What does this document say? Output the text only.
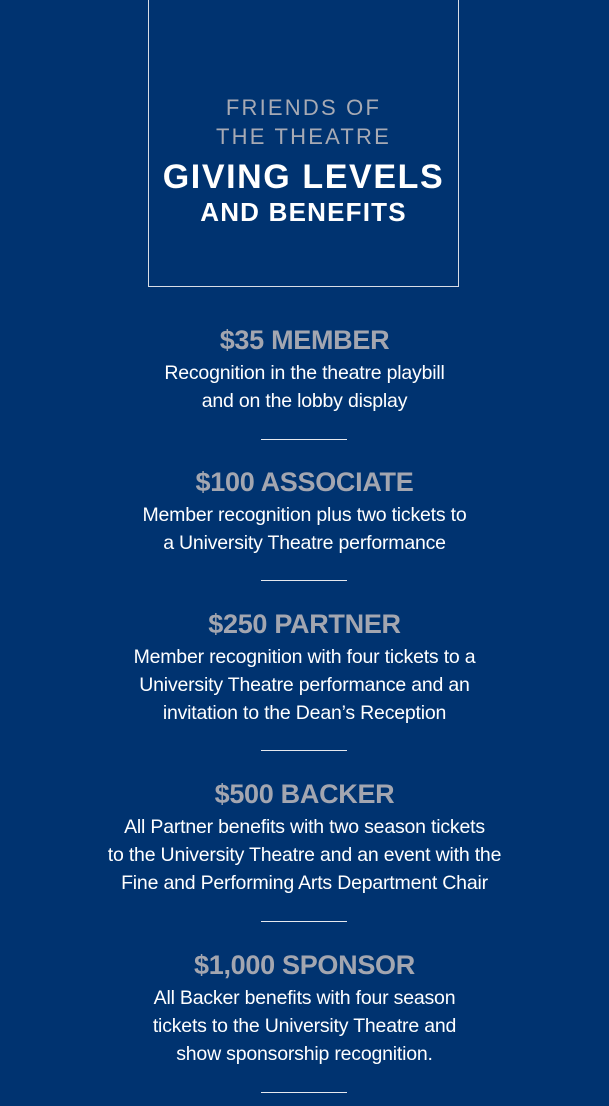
FRIENDS OF
THE THEATRE
GIVING LEVELS
AND BENEFITS
$35 MEMBER
Recognition in the theatre playbill
and on the lobby display
$100 ASSOCIATE
Member recognition plus two tickets to
a University Theatre performance
$250 PARTNER
Member recognition with four tickets to a
University Theatre performance and an
invitation to the Dean’s Reception
$500 BACKER
All Partner benefits with two season tickets
to the University Theatre and an event with the
Fine and Performing Arts Department Chair
$1,000 SPONSOR
All Backer benefits with four season
tickets to the University Theatre and
show sponsorship recognition.
